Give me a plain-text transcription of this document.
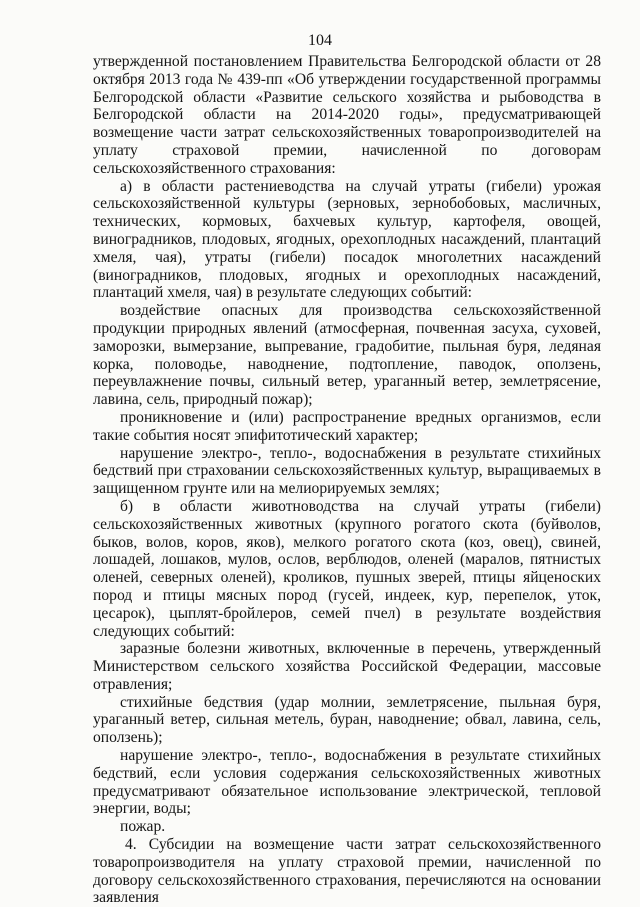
104

утвержденной постановлением Правительства Белгородской области от 28 октября 2013 года № 439-пп «Об утверждении государственной программы Белгородской области «Развитие сельского хозяйства и рыбоводства в Белгородской области на 2014-2020 годы», предусматривающей возмещение части затрат сельскохозяйственных товаропроизводителей на уплату страховой премии, начисленной по договорам сельскохозяйственного страхования:

а) в области растениеводства на случай утраты (гибели) урожая сельскохозяйственной культуры (зерновых, зернобобовых, масличных, технических, кормовых, бахчевых культур, картофеля, овощей, виноградников, плодовых, ягодных, орехоплодных насаждений, плантаций хмеля, чая), утраты (гибели) посадок многолетних насаждений (виноградников, плодовых, ягодных и орехоплодных насаждений, плантаций хмеля, чая) в результате следующих событий:

воздействие опасных для производства сельскохозяйственной продукции природных явлений (атмосферная, почвенная засуха, суховей, заморозки, вымерзание, выпревание, градобитие, пыльная буря, ледяная корка, половодье, наводнение, подтопление, паводок, оползень, переувлажнение почвы, сильный ветер, ураганный ветер, землетрясение, лавина, сель, природный пожар);

проникновение и (или) распространение вредных организмов, если такие события носят эпифитотический характер;

нарушение электро-, тепло-, водоснабжения в результате стихийных бедствий при страховании сельскохозяйственных культур, выращиваемых в защищенном грунте или на мелиорируемых землях;

б) в области животноводства на случай утраты (гибели) сельскохозяйственных животных (крупного рогатого скота (буйволов, быков, волов, коров, яков), мелкого рогатого скота (коз, овец), свиней, лошадей, лошаков, мулов, ослов, верблюдов, оленей (маралов, пятнистых оленей, северных оленей), кроликов, пушных зверей, птицы яйценоских пород и птицы мясных пород (гусей, индеек, кур, перепелок, уток, цесарок), цыплят-бройлеров, семей пчел) в результате воздействия следующих событий:

заразные болезни животных, включенные в перечень, утвержденный Министерством сельского хозяйства Российской Федерации, массовые отравления;

стихийные бедствия (удар молнии, землетрясение, пыльная буря, ураганный ветер, сильная метель, буран, наводнение; обвал, лавина, сель, оползень);

нарушение электро-, тепло-, водоснабжения в результате стихийных бедствий, если условия содержания сельскохозяйственных животных предусматривают обязательное использование электрической, тепловой энергии, воды;

пожар.

4. Субсидии на возмещение части затрат сельскохозяйственного товаропроизводителя на уплату страховой премии, начисленной по договору сельскохозяйственного страхования, перечисляются на основании заявления
